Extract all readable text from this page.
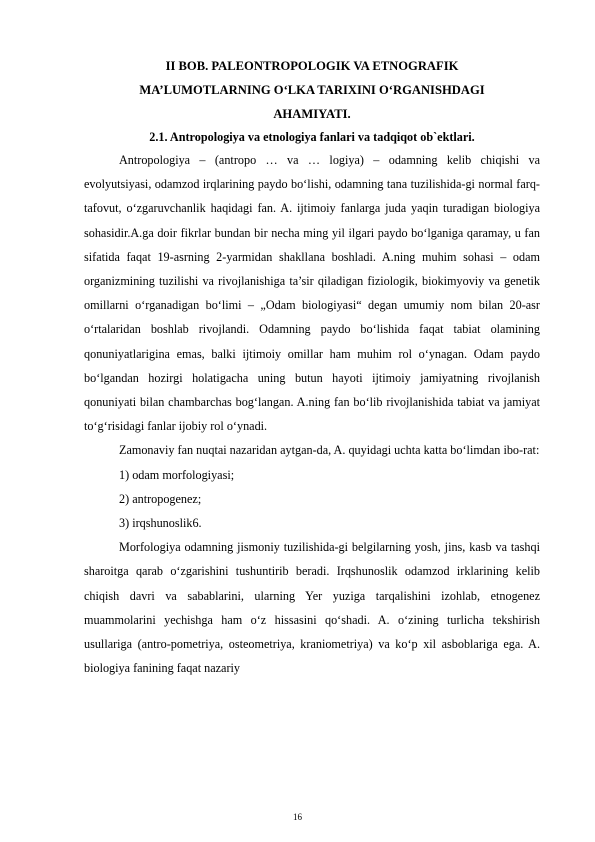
II BOB. PALEONTROPOLOGIK VA ETNOGRAFIK
MA’LUMOTLARNING O‘LKA TARIXINI O‘RGANISHDAGI
AHAMIYATI.
2.1. Antropologiya va etnologiya fanlari va tadqiqot ob`ektlari.

Antropologiya – (antropo … va … logiya) – odamning kelib chiqishi va evolyutsiyasi, odamzod irqlarining paydo bo‘lishi, odamning tana tuzilishida-gi normal farq-tafovut, o‘zgaruvchanlik haqidagi fan. A. ijtimoiy fanlarga juda yaqin turadigan biologiya sohasidir.A.ga doir fikrlar bundan bir necha ming yil ilgari paydo bo‘lganiga qaramay, u fan sifatida faqat 19-asrning 2-yarmidan shakllana boshladi. A.ning muhim sohasi – odam organizmining tuzilishi va rivojlanishiga ta’sir qiladigan fiziologik, biokimyoviy va genetik omillarni o‘rganadigan bo‘limi – „Odam biologiyasi“ degan umumiy nom bilan 20-asr o‘rtalaridan boshlab rivojlandi. Odamning paydo bo‘lishida faqat tabiat olamining qonuniyatlarigina emas, balki ijtimoiy omillar ham muhim rol o‘ynagan. Odam paydo bo‘lgandan hozirgi holatigacha uning butun hayoti ijtimoiy jamiyatning rivojlanish qonuniyati bilan chambarchas bog‘langan. A.ning fan bo‘lib rivojlanishida tabiat va jamiyat to‘g‘risidagi fanlar ijobiy rol o‘ynadi.

Zamonaviy fan nuqtai nazaridan aytgan-da, A. quyidagi uchta katta bo‘limdan ibo-rat:

1) odam morfologiyasi;
2) antropogenez;
3) irqshunoslik6.

Morfologiya odamning jismoniy tuzilishida-gi belgilarning yosh, jins, kasb va tashqi sharoitga qarab o‘zgarishini tushuntirib beradi. Irqshunoslik odamzod irklarining kelib chiqish davri va sabablarini, ularning Yer yuziga tarqalishini izohlab, etnogenez muammolarini yechishga ham o‘z hissasini qo‘shadi. A. o‘zining turlicha tekshirish usullariga (antro-pometriya, osteometriya, kraniometriya) va ko‘p xil asboblariga ega. A. biologiya fanining faqat nazariy

16
